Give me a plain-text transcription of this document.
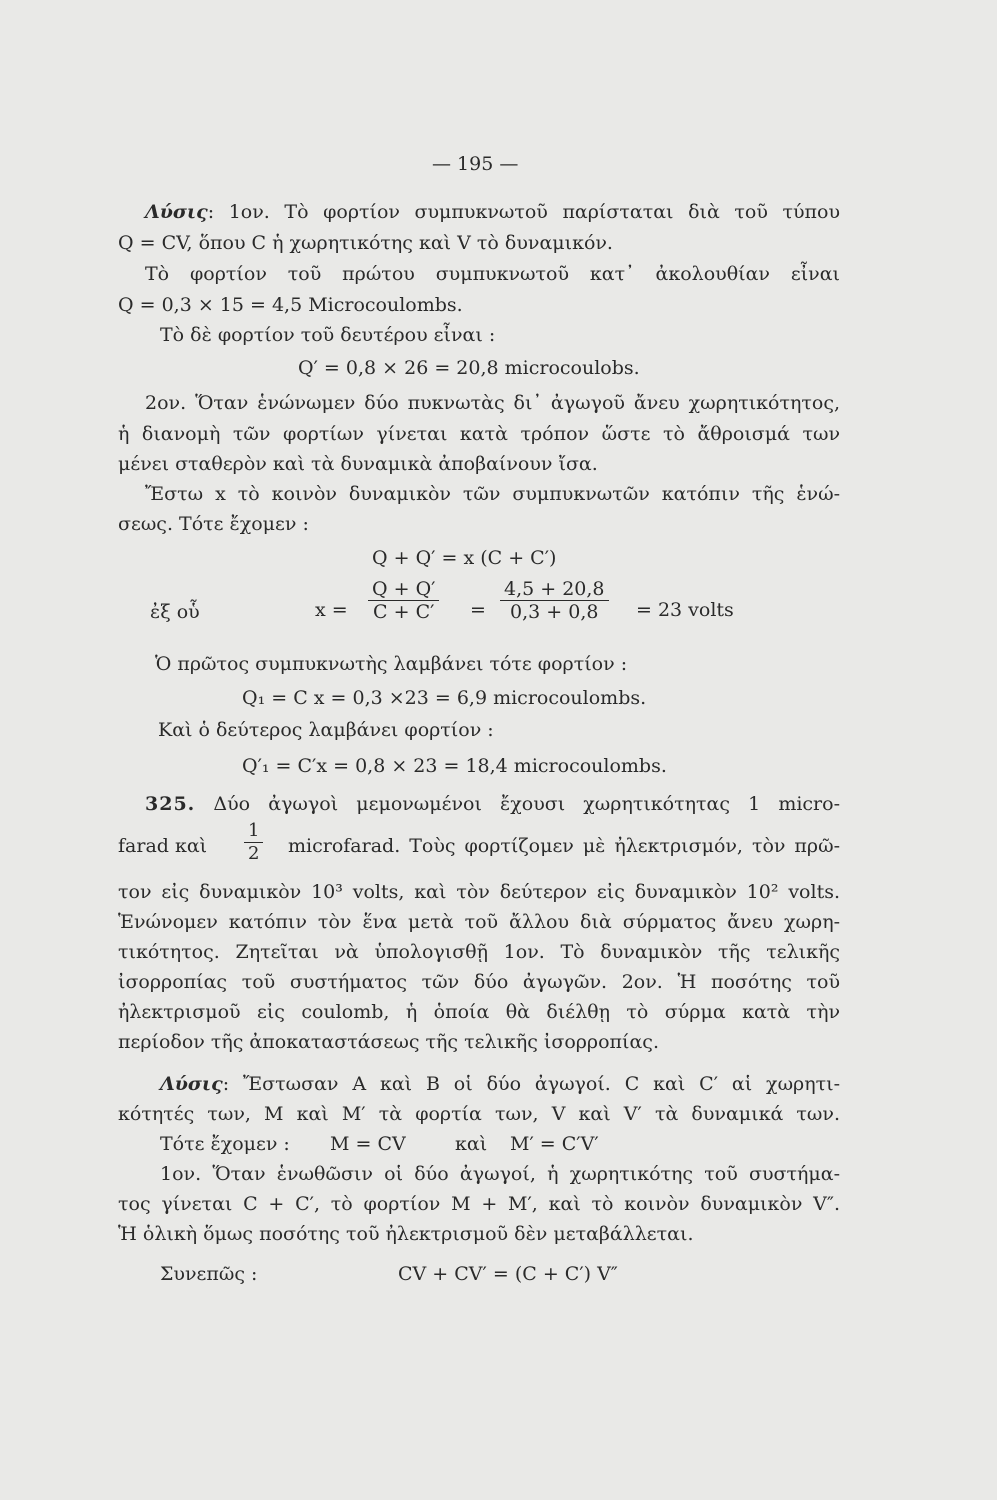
— 195 —
Λύσις: 1ον. Τὸ φορτίον συμπυκνωτοῦ παρίσταται διὰ τοῦ τύπου
Q = CV, ὅπου C ἡ χωρητικότης καὶ V τὸ δυναμικόν.
Τὸ φορτίον τοῦ πρώτου συμπυκνωτοῦ κατ᾽ ἀκολουθίαν εἶναι
Q = 0,3 × 15 = 4,5 Microcoulombs.
Τὸ δὲ φορτίον τοῦ δευτέρου εἶναι :
Q′ = 0,8 × 26 = 20,8 microcoulobs.
2ον. Ὅταν ἑνώνωμεν δύο πυκνωτὰς δι᾽ ἀγωγοῦ ἄνευ χωρητικότητος,
ἡ διανομὴ τῶν φορτίων γίνεται κατὰ τρόπον ὥστε τὸ ἄθροισμά των
μένει σταθερὸν καὶ τὰ δυναμικὰ ἀποβαίνουν ἴσα.
Ἔστω x τὸ κοινὸν δυναμικὸν τῶν συμπυκνωτῶν κατόπιν τῆς ἑνώ-
σεως. Τότε ἔχομεν :
Q + Q′ = x (C + C′)
ἐξ οὗ	$x = \frac{Q + Q'}{C + C'} = \frac{4,5 + 20,8}{0,3 + 0,8} = 23$ volts
Ὁ πρῶτος συμπυκνωτὴς λαμβάνει τότε φορτίον :
Q₁ = C x = 0,3 ×23 = 6,9 microcoulombs.
Καὶ ὁ δεύτερος λαμβάνει φορτίον :
Q′₁ = C′x = 0,8 × 23 = 18,4 microcoulombs.
325. Δύο ἀγωγοὶ μεμονωμένοι ἔχουσι χωρητικότητας 1 micro-
farad καὶ $\frac{1}{2}$ microfarad. Τοὺς φορτίζομεν μὲ ἠλεκτρισμόν, τὸν πρῶ-
τον εἰς δυναμικὸν 10³ volts, καὶ τὸν δεύτερον εἰς δυναμικὸν 10² volts.
Ἑνώνομεν κατόπιν τὸν ἕνα μετὰ τοῦ ἄλλου διὰ σύρματος ἄνευ χωρη-
τικότητος. Ζητεῖται νὰ ὑπολογισθῇ 1ον. Τὸ δυναμικὸν τῆς τελικῆς
ἰσορροπίας τοῦ συστήματος τῶν δύο ἀγωγῶν. 2ον. Ἡ ποσότης τοῦ
ἠλεκτρισμοῦ εἰς coulomb, ἡ ὁποία θὰ διέλθῃ τὸ σύρμα κατὰ τὴν
περίοδον τῆς ἀποκαταστάσεως τῆς τελικῆς ἰσορροπίας.
Λύσις: Ἔστωσαν A καὶ B οἱ δύο ἀγωγοί. C καὶ C′ αἱ χωρητι-
κότητές των, M καὶ M′ τὰ φορτία των, V καὶ V′ τὰ δυναμικά των.
Τότε ἔχομεν : M = CV	καὶ M′ = C′V′
1ον. Ὅταν ἑνωθῶσιν οἱ δύο ἀγωγοί, ἡ χωρητικότης τοῦ συστήμα-
τος γίνεται C + C′, τὸ φορτίον M + M′, καὶ τὸ κοινὸν δυναμικὸν V″.
Ἡ ὁλικὴ ὅμως ποσότης τοῦ ἠλεκτρισμοῦ δὲν μεταβάλλεται.
Συνεπῶς :	CV + CV′ = (C + C′) V″
